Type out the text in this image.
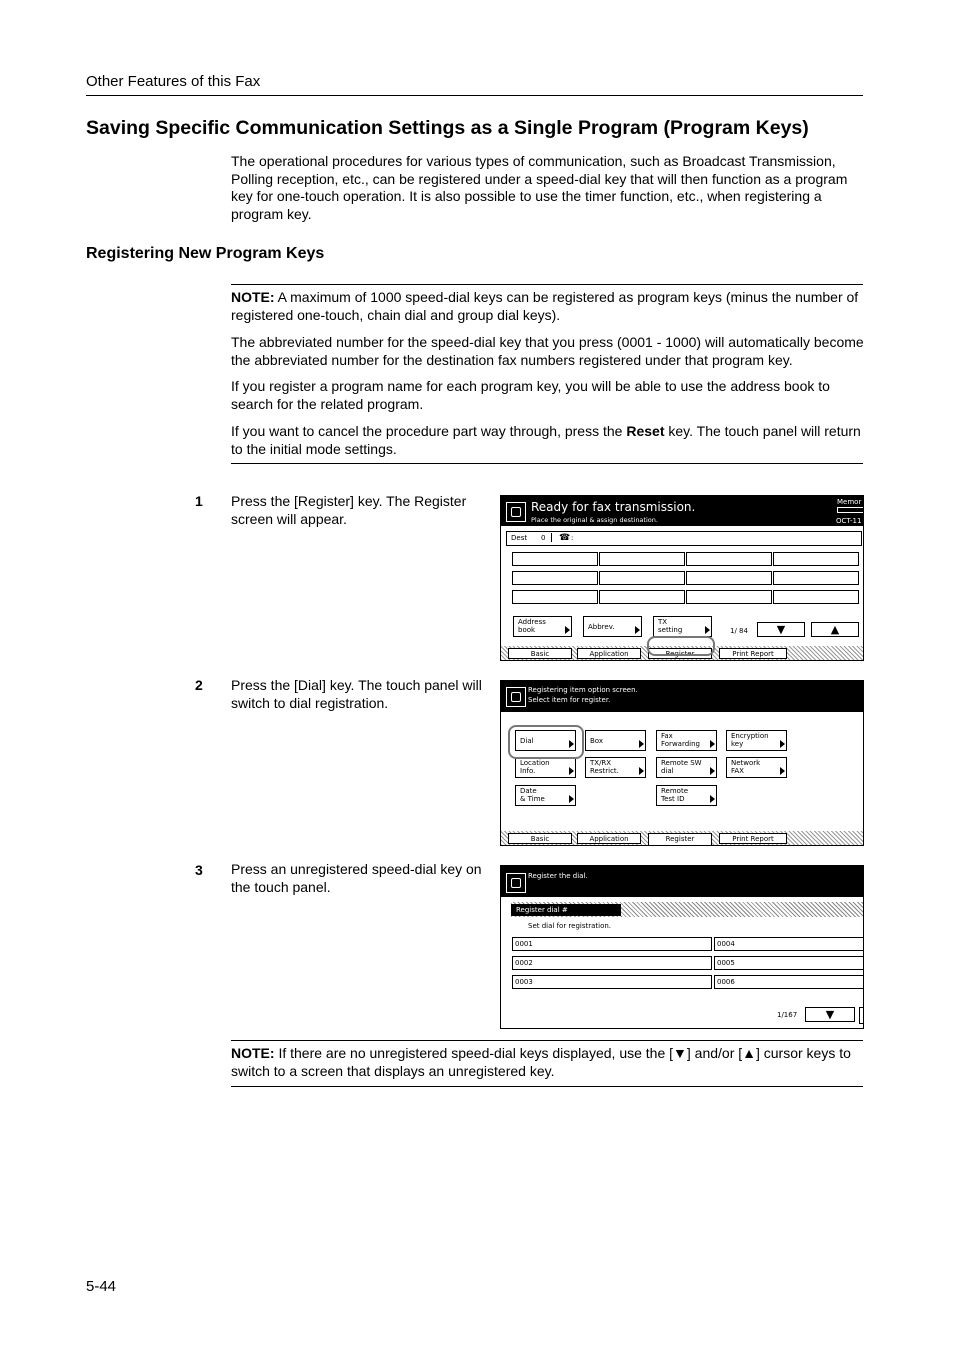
Other Features of this Fax
Saving Specific Communication Settings as a Single Program (Program Keys)
The operational procedures for various types of communication, such as Broadcast Transmission, Polling reception, etc., can be registered under a speed-dial key that will then function as a program key for one-touch operation. It is also possible to use the timer function, etc., when registering a program key.
Registering New Program Keys
NOTE: A maximum of 1000 speed-dial keys can be registered as program keys (minus the number of registered one-touch, chain dial and group dial keys).
The abbreviated number for the speed-dial key that you press (0001 - 1000) will automatically become the abbreviated number for the destination fax numbers registered under that program key.
If you register a program name for each program key, you will be able to use the address book to search for the related program.
If you want to cancel the procedure part way through, press the Reset key. The touch panel will return to the initial mode settings.
1 Press the [Register] key. The Register screen will appear.
2 Press the [Dial] key. The touch panel will switch to dial registration.
3 Press an unregistered speed-dial key on the touch panel.
Ready for fax transmission.
Place the original & assign destination.
Memor
OCT-11
Dest 0 ☎ :
Address
book	Abbrev.
TX
setting	1/ 84	▼	▲
Basic	Application	Register	Print Report
Registering item option screen.
Select item for register.
Dial	Box
Fax
Forwarding
Encryption
key
Location
Info.
TX/RX
Restrict.
Remote SW
dial
Network
FAX
Date
& Time
Remote
Test ID
Basic	Application	Register	Print Report
Register the dial.
Register dial #
Set dial for registration.
0001	0004
0002	0005
0003	0006
1/167	▼
NOTE: If there are no unregistered speed-dial keys displayed, use the [▼] and/or [▲] cursor keys to switch to a screen that displays an unregistered key.
5-44
